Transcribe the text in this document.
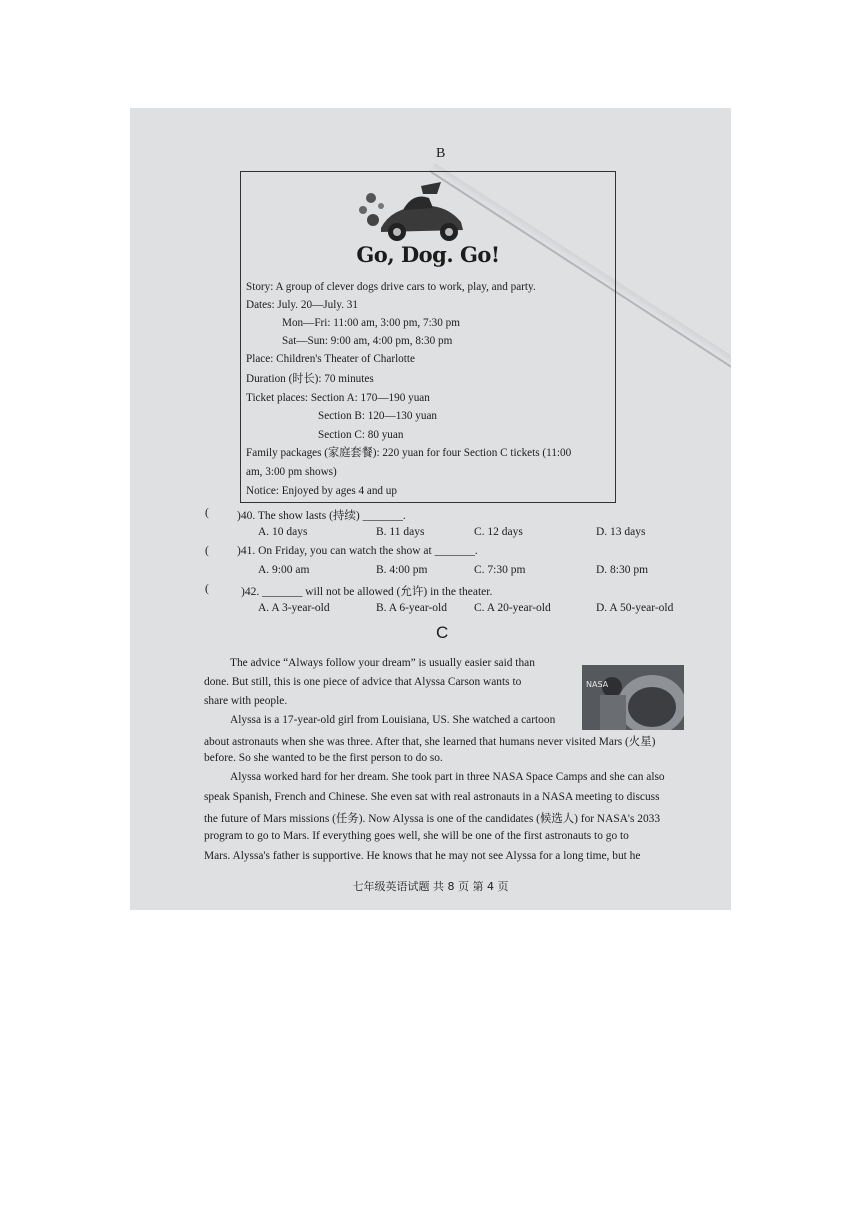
B
Go, Dog. Go!
Story: A group of clever dogs drive cars to work, play, and party.
Dates: July. 20—July. 31
Mon—Fri: 11:00 am, 3:00 pm, 7:30 pm
Sat—Sun: 9:00 am, 4:00 pm, 8:30 pm
Place: Children's Theater of Charlotte
Duration (时长): 70 minutes
Ticket places: Section A: 170—190 yuan
Section B: 120—130 yuan
Section C: 80 yuan
Family packages (家庭套餐): 220 yuan for four Section C tickets (11:00
am, 3:00 pm shows)
Notice: Enjoyed by ages 4 and up
( )40. The show lasts (持续) _______.
A. 10 days	B. 11 days	C. 12 days	D. 13 days
( )41. On Friday, you can watch the show at _______.
A. 9:00 am	B. 4:00 pm	C. 7:30 pm	D. 8:30 pm
(	)42. _______ will not be allowed (允许) in the theater.
A. A 3-year-old	B. A 6-year-old C. A 20-year-old	D. A 50-year-old
C
The advice “Always follow your dream” is usually easier said than
done. But still, this is one piece of advice that Alyssa Carson wants to
share with people.
Alyssa is a 17-year-old girl from Louisiana, US. She watched a cartoon
about astronauts when she was three. After that, she learned that humans never visited Mars (火星)
before. So she wanted to be the first person to do so.
Alyssa worked hard for her dream. She took part in three NASA Space Camps and she can also
speak Spanish, French and Chinese. She even sat with real astronauts in a NASA meeting to discuss
the future of Mars missions (任务). Now Alyssa is one of the candidates (候选人) for NASA's 2033
program to go to Mars. If everything goes well, she will be one of the first astronauts to go to
Mars. Alyssa's father is supportive. He knows that he may not see Alyssa for a long time, but he
NASA
七年级英语试题 共 8 页 第 4 页
